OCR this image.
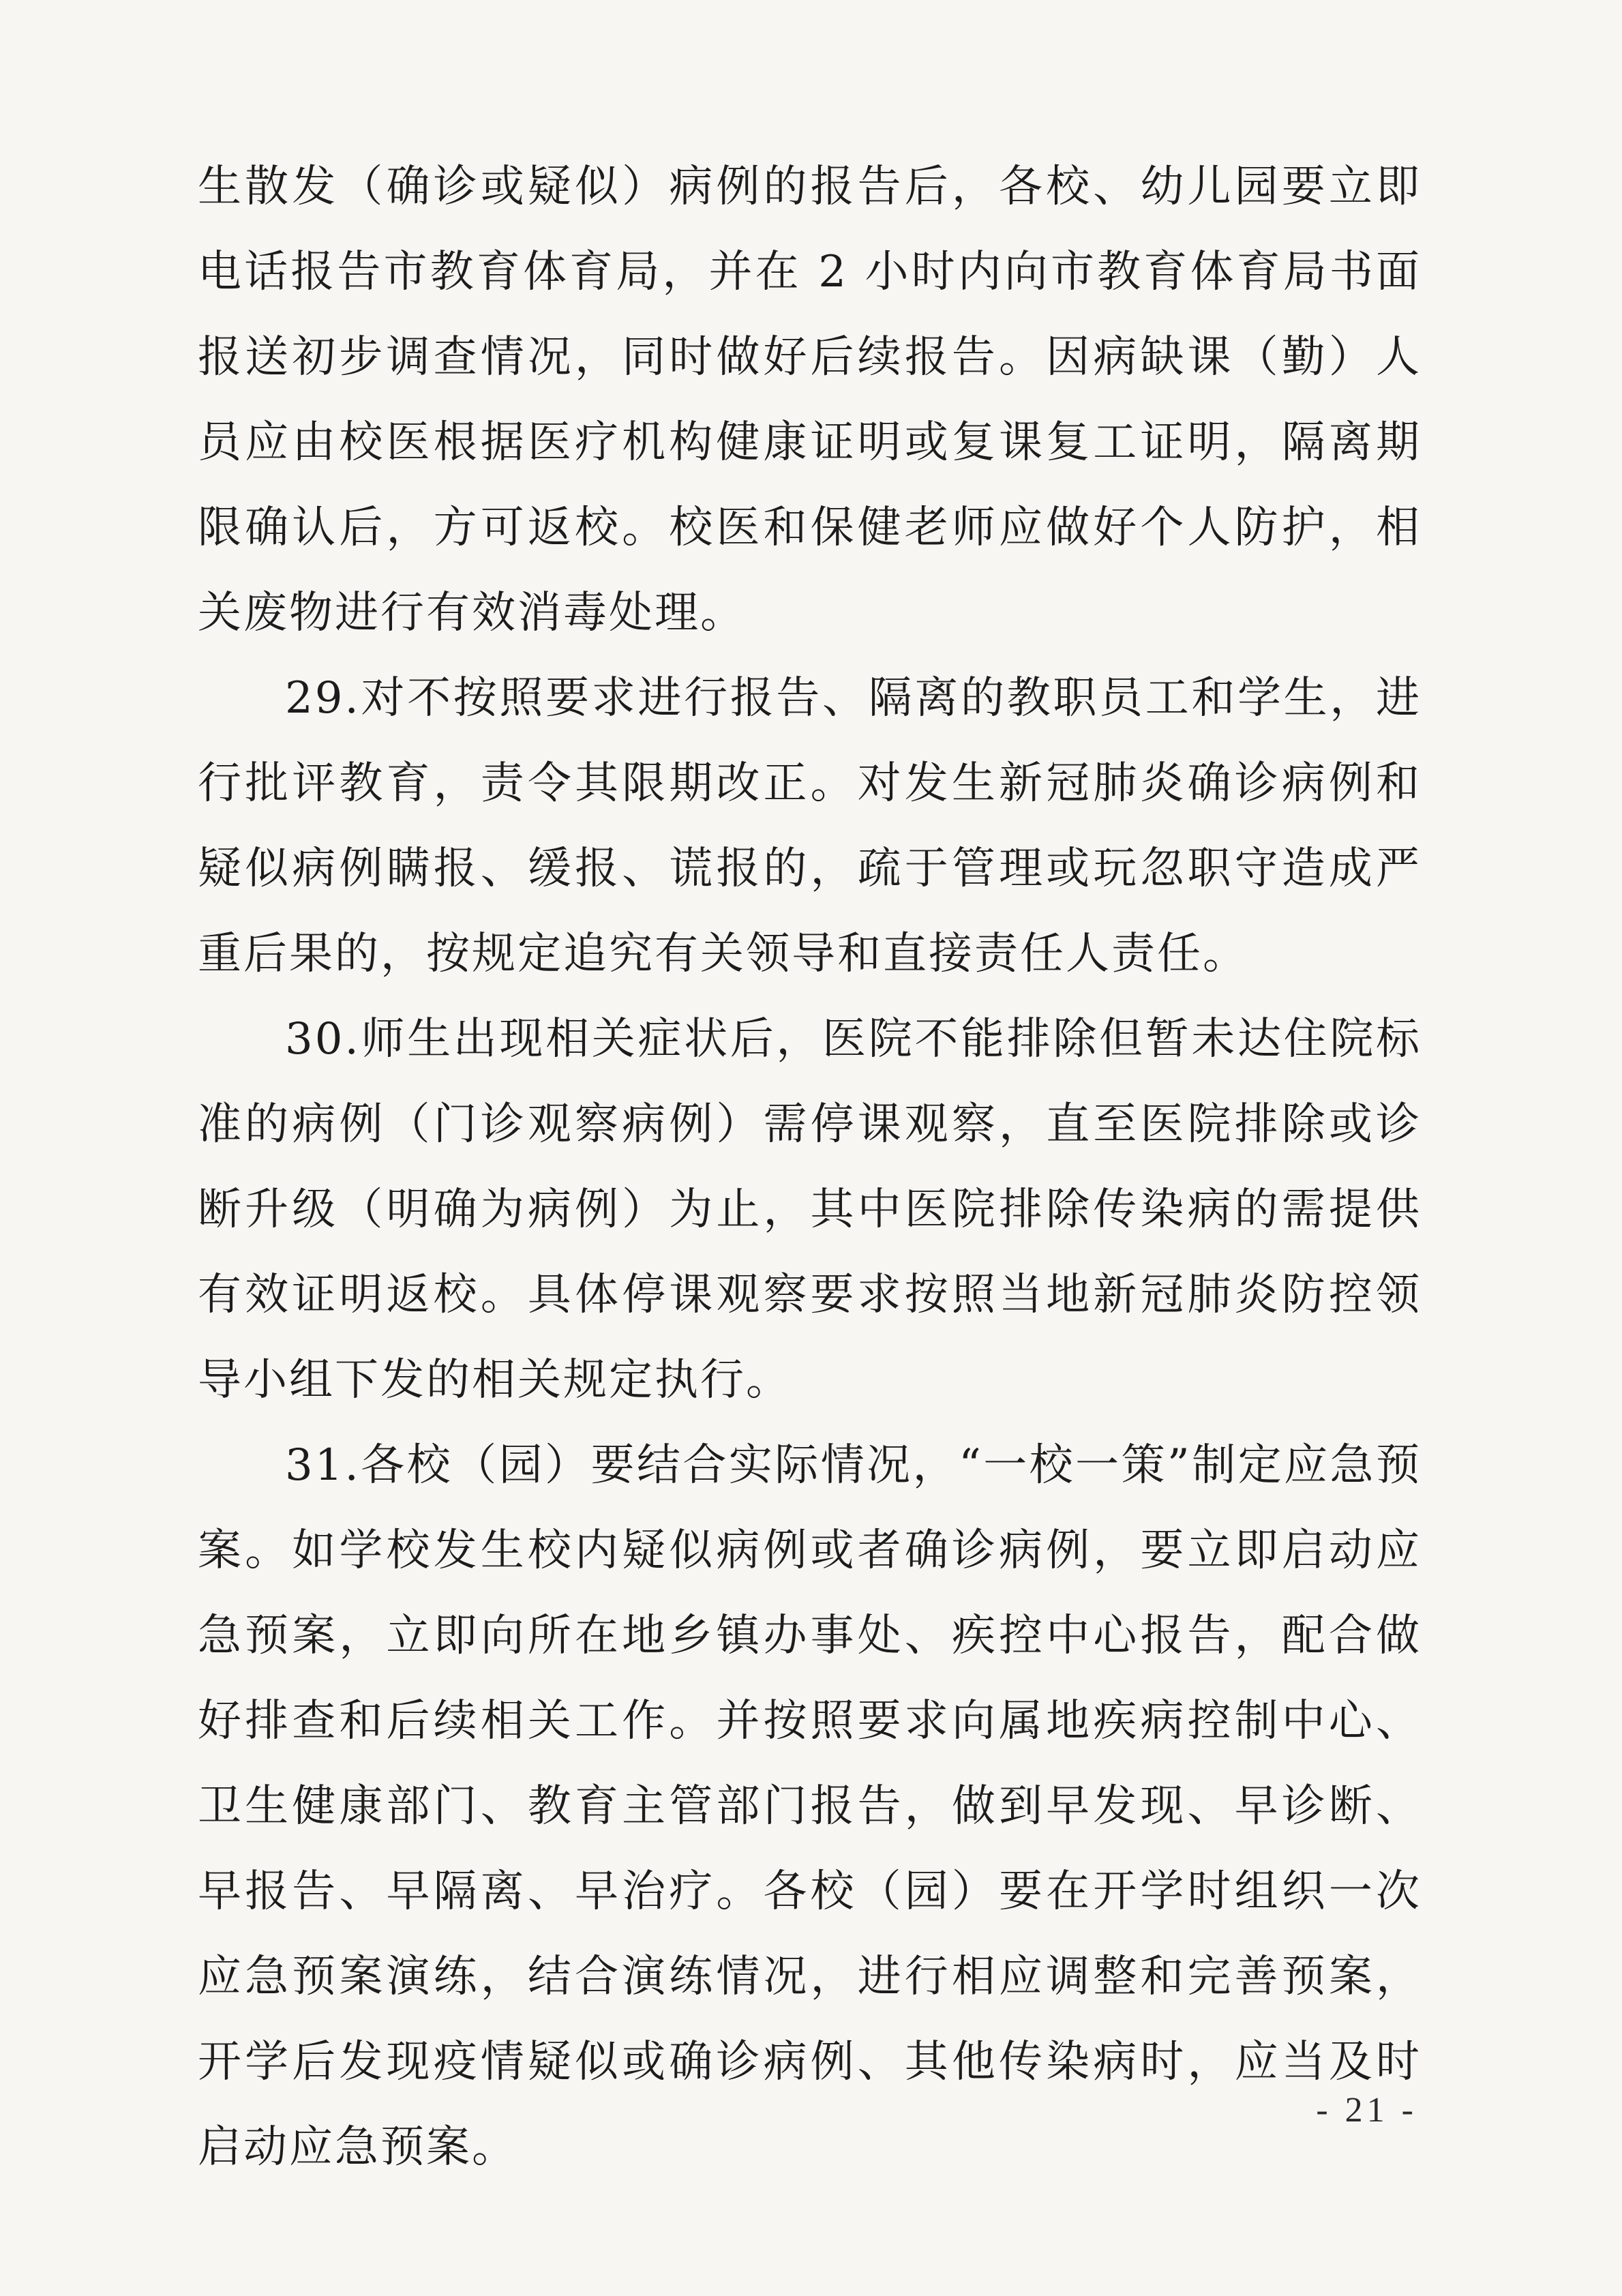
生散发（确诊或疑似）病例的报告后，各校、幼儿园要立即电话报告市教育体育局，并在 2 小时内向市教育体育局书面报送初步调查情况，同时做好后续报告。因病缺课（勤）人员应由校医根据医疗机构健康证明或复课复工证明，隔离期限确认后，方可返校。校医和保健老师应做好个人防护，相关废物进行有效消毒处理。

29.对不按照要求进行报告、隔离的教职员工和学生，进行批评教育，责令其限期改正。对发生新冠肺炎确诊病例和疑似病例瞒报、缓报、谎报的，疏于管理或玩忽职守造成严重后果的，按规定追究有关领导和直接责任人责任。

30.师生出现相关症状后，医院不能排除但暂未达住院标准的病例（门诊观察病例）需停课观察，直至医院排除或诊断升级（明确为病例）为止，其中医院排除传染病的需提供有效证明返校。具体停课观察要求按照当地新冠肺炎防控领导小组下发的相关规定执行。

31.各校（园）要结合实际情况，“一校一策”制定应急预案。如学校发生校内疑似病例或者确诊病例，要立即启动应急预案，立即向所在地乡镇办事处、疾控中心报告，配合做好排查和后续相关工作。并按照要求向属地疾病控制中心、卫生健康部门、教育主管部门报告，做到早发现、早诊断、早报告、早隔离、早治疗。各校（园）要在开学时组织一次应急预案演练，结合演练情况，进行相应调整和完善预案，开学后发现疫情疑似或确诊病例、其他传染病时，应当及时启动应急预案。

- 21 -
